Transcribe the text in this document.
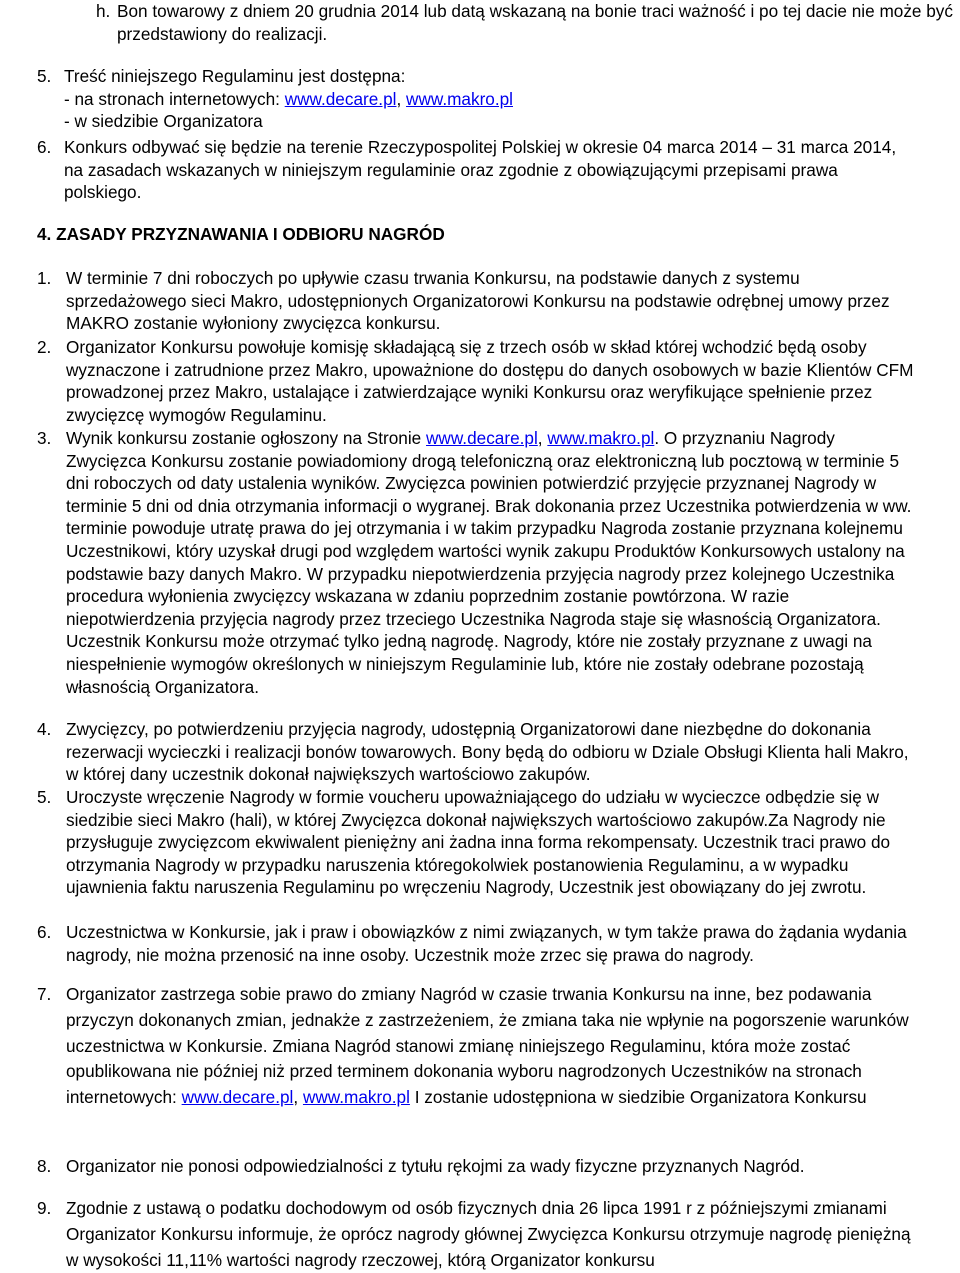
h. Bon towarowy z dniem 20 grudnia 2014 lub datą wskazaną na bonie traci ważność i po tej dacie nie może być przedstawiony do realizacji.
5. Treść niniejszego Regulaminu jest dostępna:
- na stronach internetowych: www.decare.pl, www.makro.pl
- w siedzibie Organizatora
6. Konkurs odbywać się będzie na terenie Rzeczypospolitej Polskiej w okresie 04 marca 2014 – 31 marca 2014, na zasadach wskazanych w niniejszym regulaminie oraz zgodnie z obowiązującymi przepisami prawa polskiego.
4. ZASADY PRZYZNAWANIA I ODBIORU NAGRÓD
1. W terminie 7 dni roboczych po upływie czasu trwania Konkursu, na podstawie danych z systemu sprzedażowego sieci Makro, udostępnionych Organizatorowi Konkursu na podstawie odrębnej umowy przez MAKRO zostanie wyłoniony zwycięzca konkursu.
2. Organizator Konkursu powołuje komisję składającą się z trzech osób w skład której wchodzić będą osoby wyznaczone i zatrudnione przez Makro, upoważnione do dostępu do danych osobowych w bazie Klientów CFM prowadzonej przez Makro, ustalające i zatwierdzające wyniki Konkursu oraz weryfikujące spełnienie przez zwycięzcę wymogów Regulaminu.
3. Wynik konkursu zostanie ogłoszony na Stronie www.decare.pl, www.makro.pl. O przyznaniu Nagrody Zwycięzca Konkursu zostanie powiadomiony drogą telefoniczną oraz elektroniczną lub pocztową w terminie 5 dni roboczych od daty ustalenia wyników. Zwycięzca powinien potwierdzić przyjęcie przyznanej Nagrody w terminie 5 dni od dnia otrzymania informacji o wygranej. Brak dokonania przez Uczestnika potwierdzenia w ww. terminie powoduje utratę prawa do jej otrzymania i w takim przypadku Nagroda zostanie przyznana kolejnemu Uczestnikowi, który uzyskał drugi pod względem wartości wynik zakupu Produktów Konkursowych ustalony na podstawie bazy danych Makro. W przypadku niepotwierdzenia przyjęcia nagrody przez kolejnego Uczestnika procedura wyłonienia zwycięzcy wskazana w zdaniu poprzednim zostanie powtórzona. W razie niepotwierdzenia przyjęcia nagrody przez trzeciego Uczestnika Nagroda staje się własnością Organizatora. Uczestnik Konkursu może otrzymać tylko jedną nagrodę. Nagrody, które nie zostały przyznane z uwagi na niespełnienie wymogów określonych w niniejszym Regulaminie lub, które nie zostały odebrane pozostają własnością Organizatora.
4. Zwycięzcy, po potwierdzeniu przyjęcia nagrody, udostępnią Organizatorowi dane niezbędne do dokonania rezerwacji wycieczki i realizacji bonów towarowych. Bony będą do odbioru w Dziale Obsługi Klienta hali Makro, w której dany uczestnik dokonał największych wartościowo zakupów.
5. Uroczyste wręczenie Nagrody w formie voucheru upoważniającego do udziału w wycieczce odbędzie się w siedzibie sieci Makro (hali), w której Zwycięzca dokonał największych wartościowo zakupów.Za Nagrody nie przysługuje zwycięzcom ekwiwalent pieniężny ani żadna inna forma rekompensaty. Uczestnik traci prawo do otrzymania Nagrody w przypadku naruszenia któregokolwiek postanowienia Regulaminu, a w wypadku ujawnienia faktu naruszenia Regulaminu po wręczeniu Nagrody, Uczestnik jest obowiązany do jej zwrotu.
6. Uczestnictwa w Konkursie, jak i praw i obowiązków z nimi związanych, w tym także prawa do żądania wydania nagrody, nie można przenosić na inne osoby. Uczestnik może zrzec się prawa do nagrody.
7. Organizator zastrzega sobie prawo do zmiany Nagród w czasie trwania Konkursu na inne, bez podawania przyczyn dokonanych zmian, jednakże z zastrzeżeniem, że zmiana taka nie wpłynie na pogorszenie warunków uczestnictwa w Konkursie. Zmiana Nagród stanowi zmianę niniejszego Regulaminu, która może zostać opublikowana nie później niż przed terminem dokonania wyboru nagrodzonych Uczestników na stronach internetowych: www.decare.pl, www.makro.pl I zostanie udostępniona w siedzibie Organizatora Konkursu
8. Organizator nie ponosi odpowiedzialności z tytułu rękojmi za wady fizyczne przyznanych Nagród.
9. Zgodnie z ustawą o podatku dochodowym od osób fizycznych dnia 26 lipca 1991 r z późniejszymi zmianami Organizator Konkursu informuje, że oprócz nagrody głównej Zwycięzca Konkursu otrzymuje nagrodę pieniężną w wysokości 11,11% wartości nagrody rzeczowej, którą Organizator konkursu
